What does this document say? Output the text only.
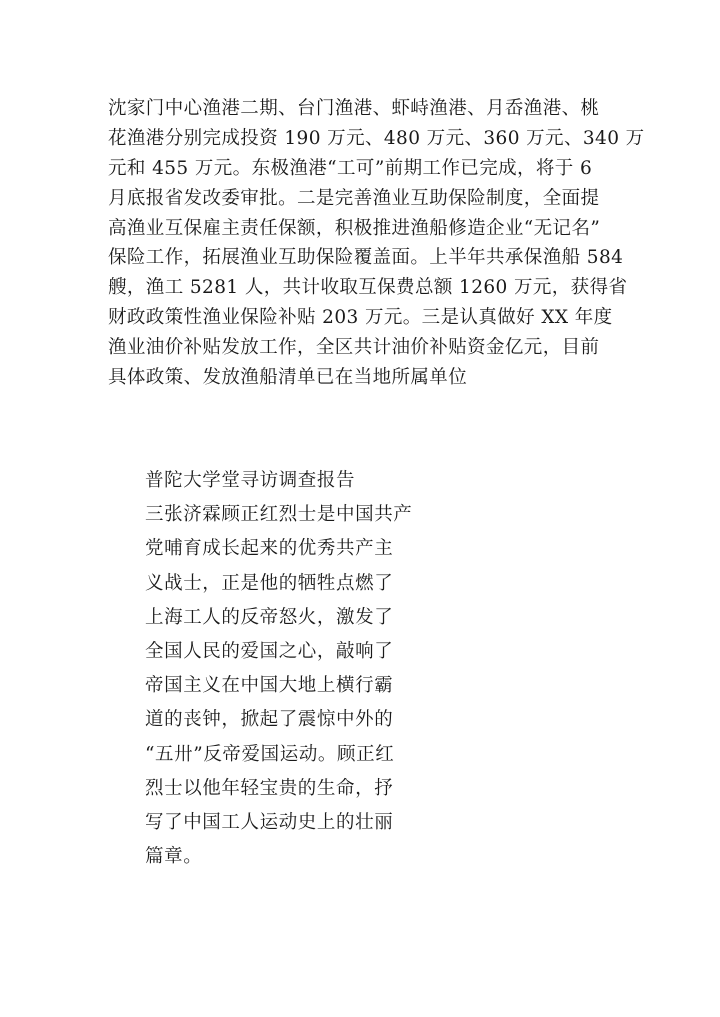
沈家门中心渔港二期、台门渔港、虾峙渔港、月岙渔港、桃
花渔港分别完成投资 190 万元、480 万元、360 万元、340 万
元和 455 万元。东极渔港“工可”前期工作已完成，将于 6
月底报省发改委审批。二是完善渔业互助保险制度，全面提
高渔业互保雇主责任保额，积极推进渔船修造企业“无记名”
保险工作，拓展渔业互助保险覆盖面。上半年共承保渔船 584
艘，渔工 5281 人，共计收取互保费总额 1260 万元，获得省
财政政策性渔业保险补贴 203 万元。三是认真做好 XX 年度
渔业油价补贴发放工作，全区共计油价补贴资金亿元，目前
具体政策、发放渔船清单已在当地所属单位
普陀大学堂寻访调查报告
三张济霖顾正红烈士是中国共产
党哺育成长起来的优秀共产主
义战士，正是他的牺牲点燃了
上海工人的反帝怒火，激发了
全国人民的爱国之心，敲响了
帝国主义在中国大地上横行霸
道的丧钟，掀起了震惊中外的
“五卅”反帝爱国运动。顾正红
烈士以他年轻宝贵的生命，抒
写了中国工人运动史上的壮丽
篇章。
